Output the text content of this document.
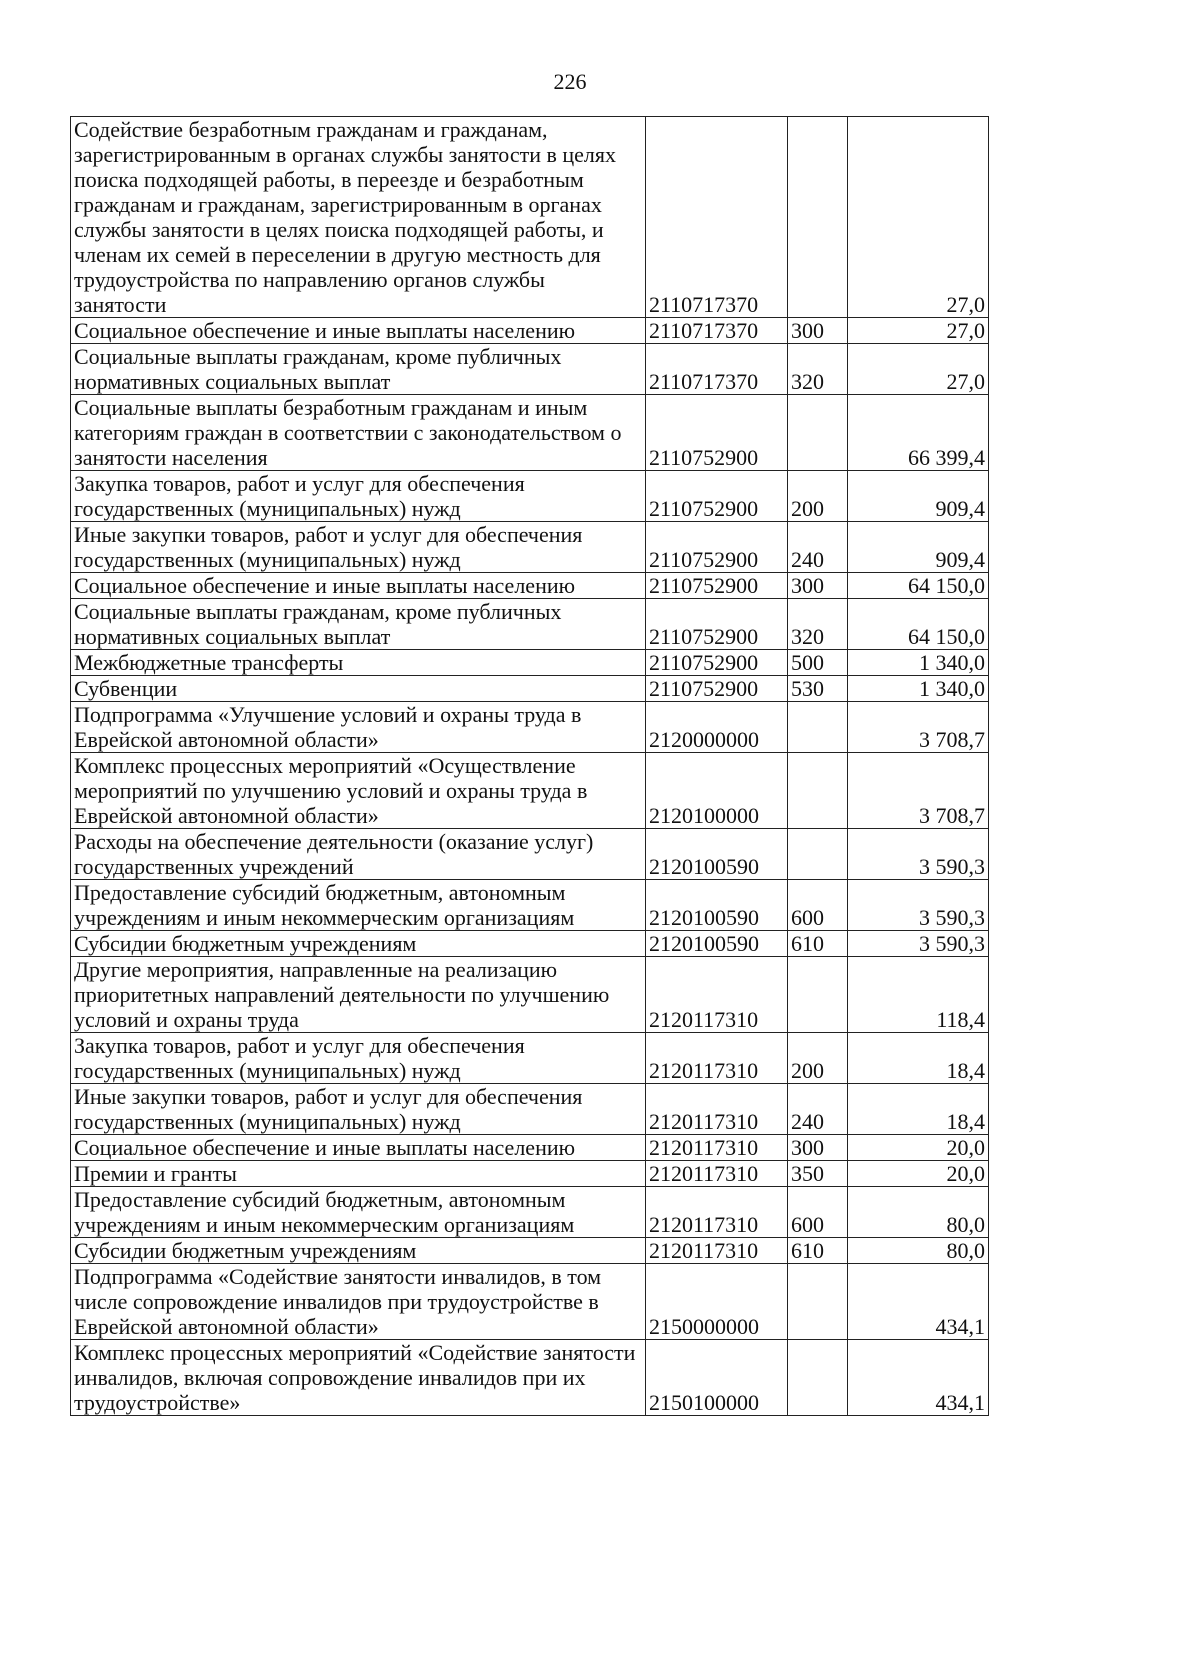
226
Содействие безработным гражданам и гражданам, зарегистрированным в органах службы занятости в целях поиска подходящей работы, в переезде и безработным гражданам и гражданам, зарегистрированным в органах службы занятости в целях поиска подходящей работы, и членам их семей в переселении в другую местность для трудоустройства по направлению органов службы занятости	2110717370		27,0
Социальное обеспечение и иные выплаты населению	2110717370	300	27,0
Социальные выплаты гражданам, кроме публичных нормативных социальных выплат	2110717370	320	27,0
Социальные выплаты безработным гражданам и иным категориям граждан в соответствии с законодательством о занятости населения	2110752900		66 399,4
Закупка товаров, работ и услуг для обеспечения государственных (муниципальных) нужд	2110752900	200	909,4
Иные закупки товаров, работ и услуг для обеспечения государственных (муниципальных) нужд	2110752900	240	909,4
Социальное обеспечение и иные выплаты населению	2110752900	300	64 150,0
Социальные выплаты гражданам, кроме публичных нормативных социальных выплат	2110752900	320	64 150,0
Межбюджетные трансферты	2110752900	500	1 340,0
Субвенции	2110752900	530	1 340,0
Подпрограмма «Улучшение условий и охраны труда в Еврейской автономной области»	2120000000		3 708,7
Комплекс процессных мероприятий «Осуществление мероприятий по улучшению условий и охраны труда в Еврейской автономной области»	2120100000		3 708,7
Расходы на обеспечение деятельности (оказание услуг) государственных учреждений	2120100590		3 590,3
Предоставление субсидий бюджетным, автономным учреждениям и иным некоммерческим организациям	2120100590	600	3 590,3
Субсидии бюджетным учреждениям	2120100590	610	3 590,3
Другие мероприятия, направленные на реализацию приоритетных направлений деятельности по улучшению условий и охраны труда	2120117310		118,4
Закупка товаров, работ и услуг для обеспечения государственных (муниципальных) нужд	2120117310	200	18,4
Иные закупки товаров, работ и услуг для обеспечения государственных (муниципальных) нужд	2120117310	240	18,4
Социальное обеспечение и иные выплаты населению	2120117310	300	20,0
Премии и гранты	2120117310	350	20,0
Предоставление субсидий бюджетным, автономным учреждениям и иным некоммерческим организациям	2120117310	600	80,0
Субсидии бюджетным учреждениям	2120117310	610	80,0
Подпрограмма «Содействие занятости инвалидов, в том числе сопровождение инвалидов при трудоустройстве в Еврейской автономной области»	2150000000		434,1
Комплекс процессных мероприятий «Содействие занятости инвалидов, включая сопровождение инвалидов при их трудоустройстве»	2150100000		434,1
